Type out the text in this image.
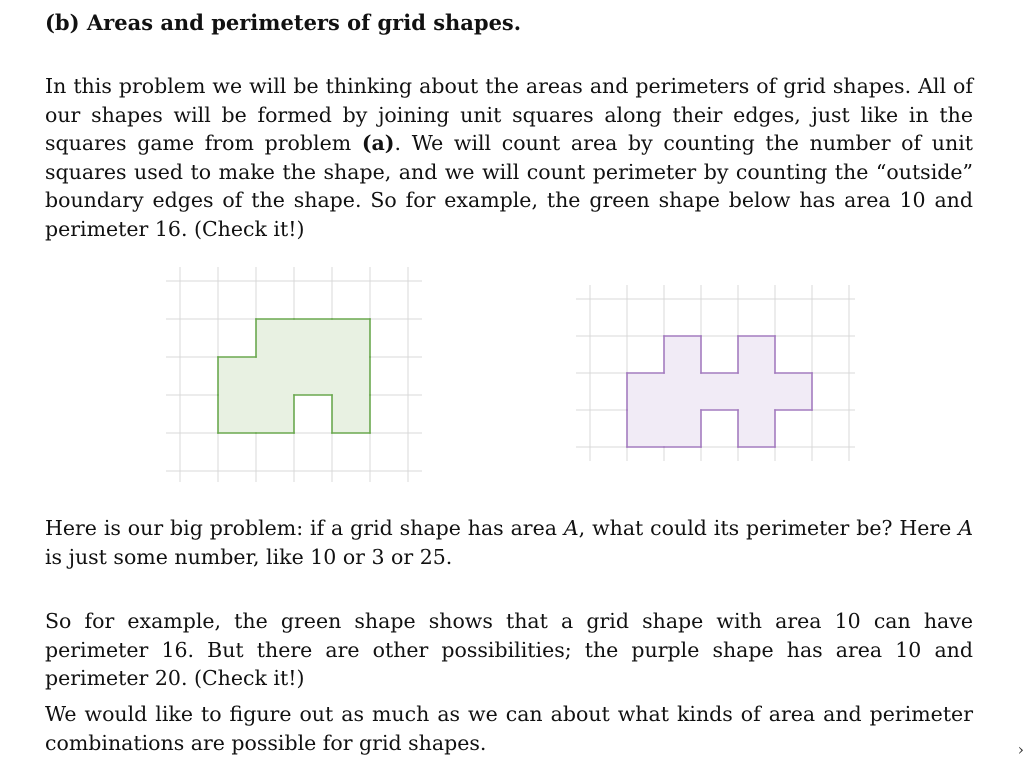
(b) Areas and perimeters of grid shapes.

In this problem we will be thinking about the areas and perimeters of grid shapes. All of our shapes will be formed by joining unit squares along their edges, just like in the squares game from problem (a). We will count area by counting the number of unit squares used to make the shape, and we will count perimeter by counting the “outside” boundary edges of the shape. So for example, the green shape below has area 10 and perimeter 16. (Check it!)

Here is our big problem: if a grid shape has area A, what could its perimeter be? Here A is just some number, like 10 or 3 or 25.

So for example, the green shape shows that a grid shape with area 10 can have perimeter 16. But there are other possibilities; the purple shape has area 10 and perimeter 20. (Check it!)

We would like to figure out as much as we can about what kinds of area and perimeter combinations are possible for grid shapes.	›
